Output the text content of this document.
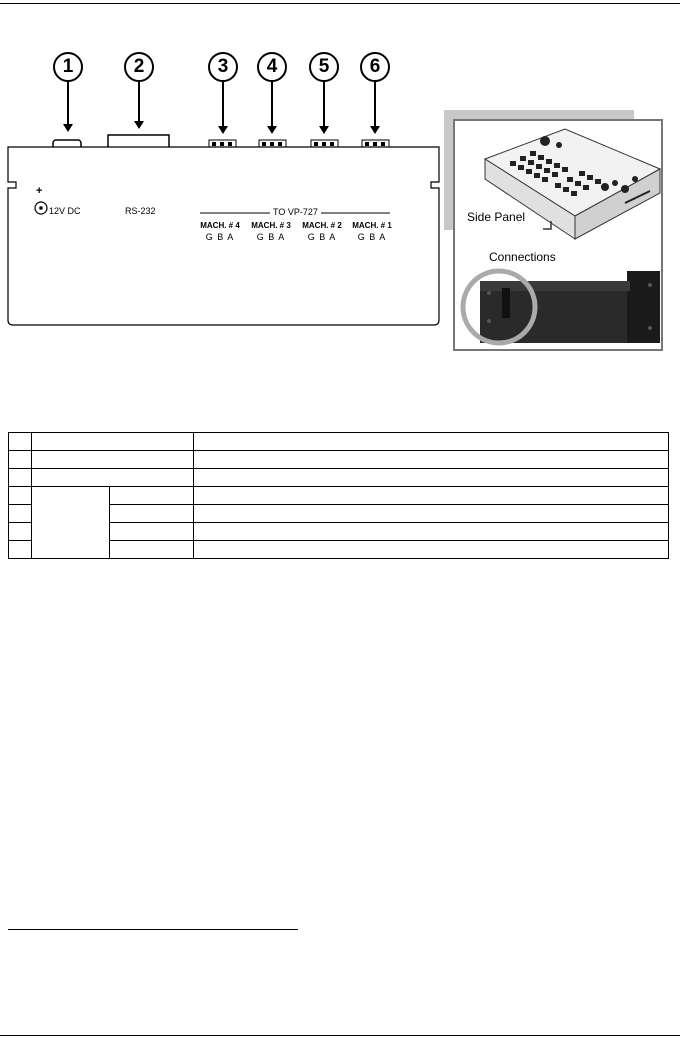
1	2	3	4	5	6
+
12V DC	RS-232	TO VP-727
MACH. # 4	MACH. # 3	MACH. # 2	MACH. # 1
G B A	G B A	G B A	G B A
Side Panel
Connections
